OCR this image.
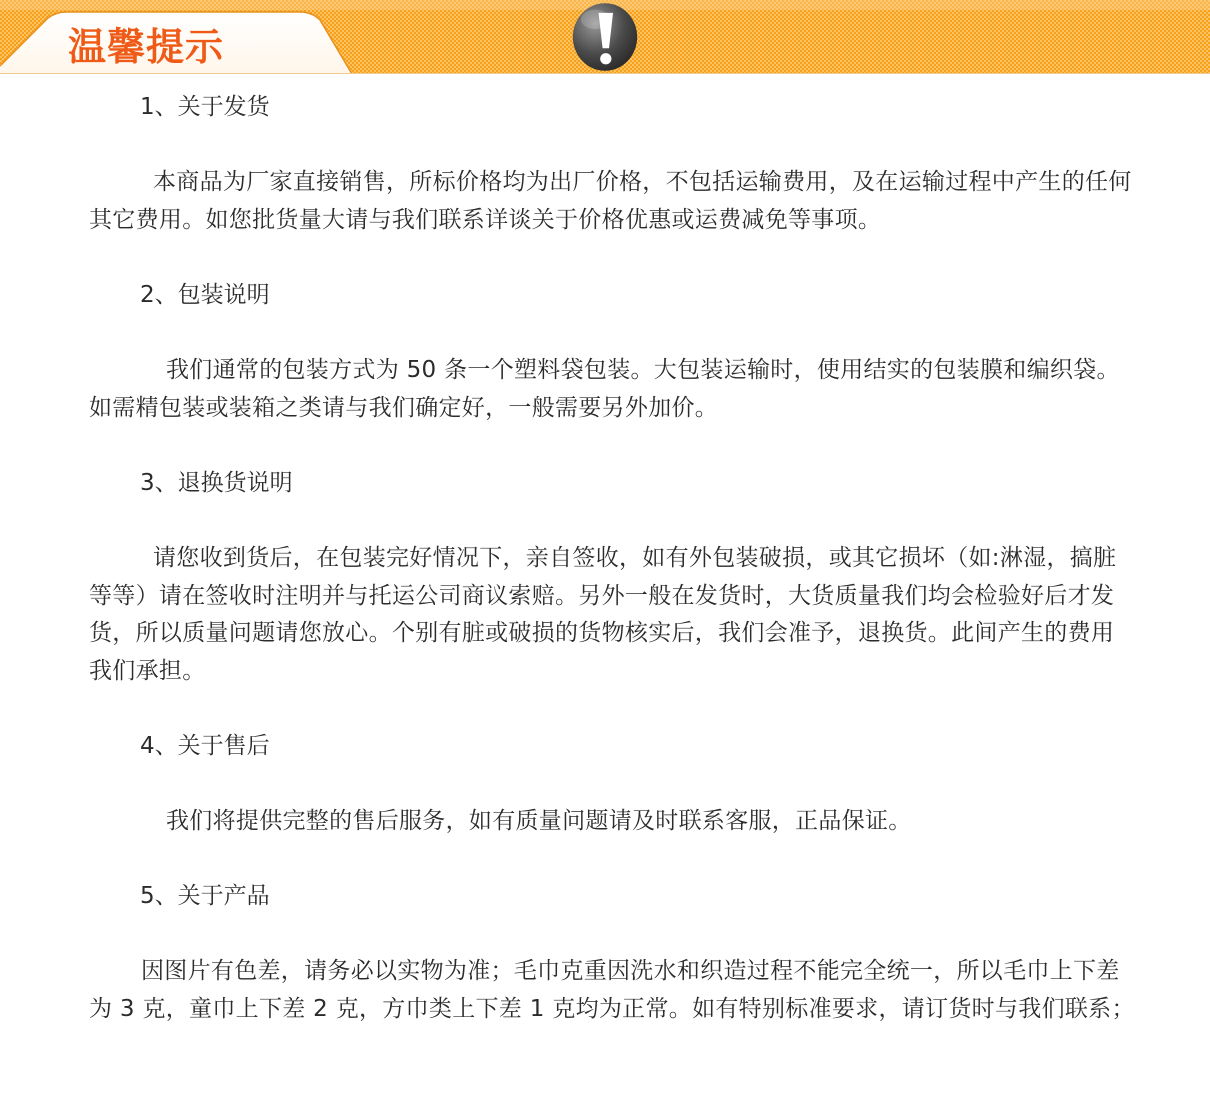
温馨提示
1、关于发货
本商品为厂家直接销售，所标价格均为出厂价格，不包括运输费用，及在运输过程中产生的任何其它费用。如您批货量大请与我们联系详谈关于价格优惠或运费减免等事项。
2、包装说明
我们通常的包装方式为 50 条一个塑料袋包装。大包装运输时，使用结实的包装膜和编织袋。如需精包装或装箱之类请与我们确定好，一般需要另外加价。
3、退换货说明
请您收到货后，在包装完好情况下，亲自签收，如有外包装破损，或其它损坏（如:淋湿，搞脏等等）请在签收时注明并与托运公司商议索赔。另外一般在发货时，大货质量我们均会检验好后才发货，所以质量问题请您放心。个别有脏或破损的货物核实后，我们会准予，退换货。此间产生的费用我们承担。
4、关于售后
我们将提供完整的售后服务，如有质量问题请及时联系客服，正品保证。
5、关于产品
因图片有色差，请务必以实物为准；毛巾克重因洗水和织造过程不能完全统一，所以毛巾上下差为 3 克，童巾上下差 2 克，方巾类上下差 1 克均为正常。如有特别标准要求，请订货时与我们联系；
